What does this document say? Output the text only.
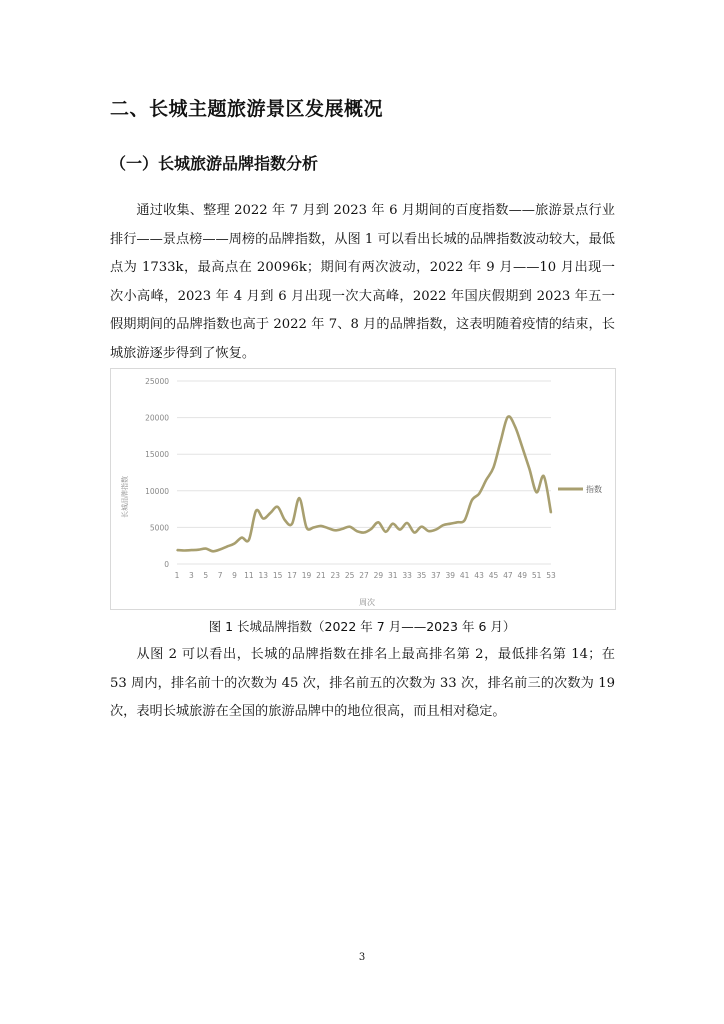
二、长城主题旅游景区发展概况
（一）长城旅游品牌指数分析

通过收集、整理 2022 年 7 月到 2023 年 6 月期间的百度指数——旅游景点行业排行——景点榜——周榜的品牌指数，从图 1 可以看出长城的品牌指数波动较大，最低点为 1733k，最高点在 20096k；期间有两次波动，2022 年 9 月——10 月出现一次小高峰，2023 年 4 月到 6 月出现一次大高峰，2022 年国庆假期到 2023 年五一假期期间的品牌指数也高于 2022 年 7、8 月的品牌指数，这表明随着疫情的结束，长城旅游逐步得到了恢复。

0
5000
10000
15000
20000
25000
1 3 5 7 9 11 13 15 17 19 21 23 25 27 29 31 33 35 37 39 41 43 45 47 49 51 53
长城品牌指数
周次
指数
图 1 长城品牌指数（2022 年 7 月——2023 年 6 月）

从图 2 可以看出，长城的品牌指数在排名上最高排名第 2，最低排名第 14；在 53 周内，排名前十的次数为 45 次，排名前五的次数为 33 次，排名前三的次数为 19 次，表明长城旅游在全国的旅游品牌中的地位很高，而且相对稳定。

3
